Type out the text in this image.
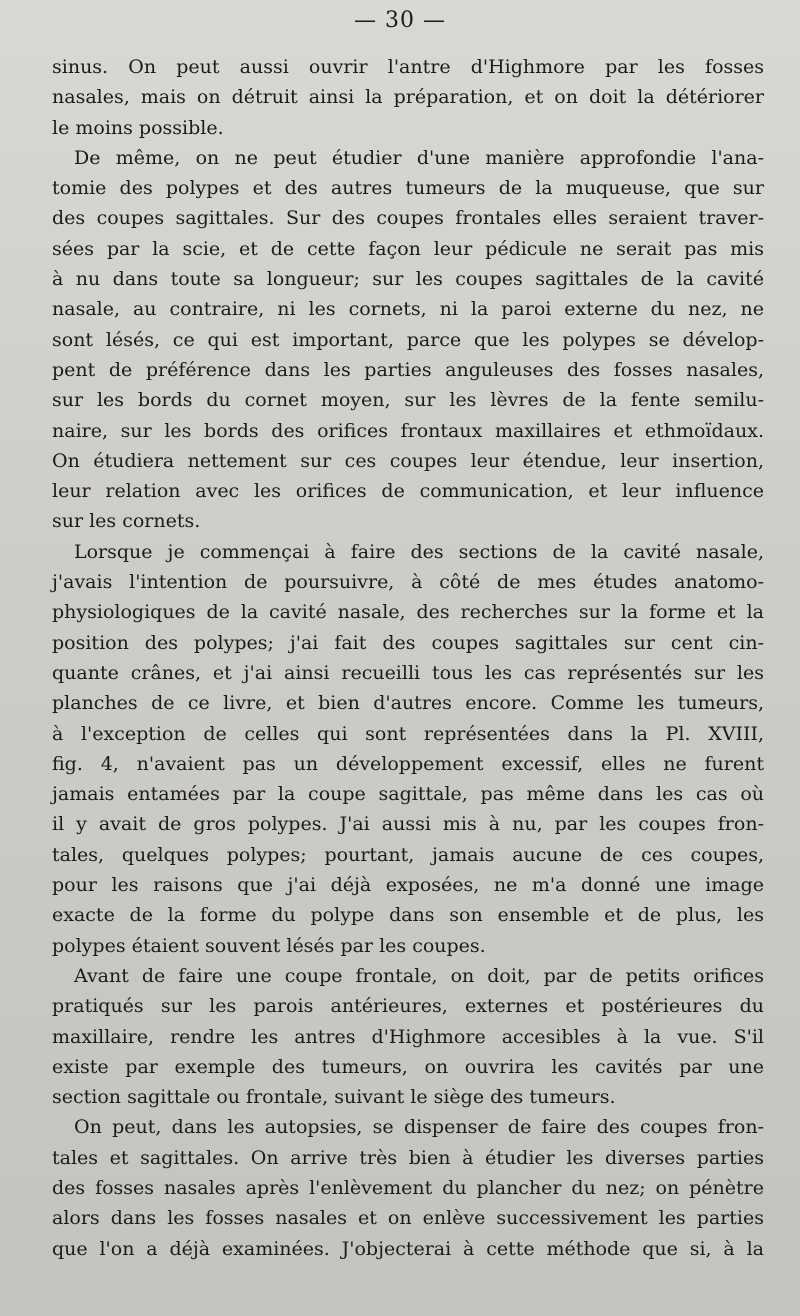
— 30 —
sinus. On peut aussi ouvrir l'antre d'Highmore par les fosses
nasales, mais on détruit ainsi la préparation, et on doit la détériorer
le moins possible.
De même, on ne peut étudier d'une manière approfondie l'ana-
tomie des polypes et des autres tumeurs de la muqueuse, que sur
des coupes sagittales. Sur des coupes frontales elles seraient traver-
sées par la scie, et de cette façon leur pédicule ne serait pas mis
à nu dans toute sa longueur; sur les coupes sagittales de la cavité
nasale, au contraire, ni les cornets, ni la paroi externe du nez, ne
sont lésés, ce qui est important, parce que les polypes se dévelop-
pent de préférence dans les parties anguleuses des fosses nasales,
sur les bords du cornet moyen, sur les lèvres de la fente semilu-
naire, sur les bords des orifices frontaux maxillaires et ethmoïdaux.
On étudiera nettement sur ces coupes leur étendue, leur insertion,
leur relation avec les orifices de communication, et leur influence
sur les cornets.
Lorsque je commençai à faire des sections de la cavité nasale,
j'avais l'intention de poursuivre, à côté de mes études anatomo-
physiologiques de la cavité nasale, des recherches sur la forme et la
position des polypes; j'ai fait des coupes sagittales sur cent cin-
quante crânes, et j'ai ainsi recueilli tous les cas représentés sur les
planches de ce livre, et bien d'autres encore. Comme les tumeurs,
à l'exception de celles qui sont représentées dans la Pl. XVIII,
fig. 4, n'avaient pas un développement excessif, elles ne furent
jamais entamées par la coupe sagittale, pas même dans les cas où
il y avait de gros polypes. J'ai aussi mis à nu, par les coupes fron-
tales, quelques polypes; pourtant, jamais aucune de ces coupes,
pour les raisons que j'ai déjà exposées, ne m'a donné une image
exacte de la forme du polype dans son ensemble et de plus, les
polypes étaient souvent lésés par les coupes.
Avant de faire une coupe frontale, on doit, par de petits orifices
pratiqués sur les parois antérieures, externes et postérieures du
maxillaire, rendre les antres d'Highmore accesibles à la vue. S'il
existe par exemple des tumeurs, on ouvrira les cavités par une
section sagittale ou frontale, suivant le siège des tumeurs.
On peut, dans les autopsies, se dispenser de faire des coupes fron-
tales et sagittales. On arrive très bien à étudier les diverses parties
des fosses nasales après l'enlèvement du plancher du nez; on pénètre
alors dans les fosses nasales et on enlève successivement les parties
que l'on a déjà examinées. J'objecterai à cette méthode que si, à la
